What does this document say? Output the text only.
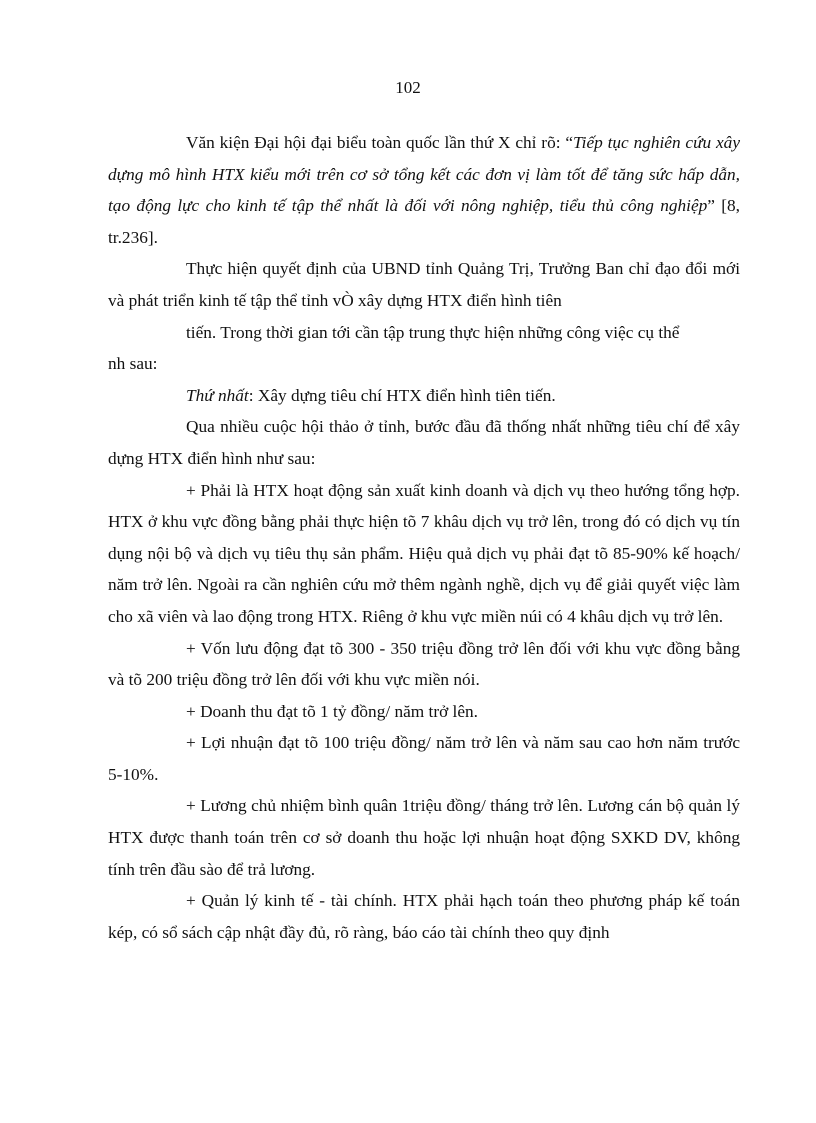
102

Văn kiện Đại hội đại biểu toàn quốc lần thứ X chỉ rõ: “Tiếp tục nghiên cứu xây dựng mô hình HTX kiểu mới trên cơ sở tổng kết các đơn vị làm tốt để tăng sức hấp dẫn, tạo động lực cho kinh tế tập thể nhất là đối với nông nghiệp, tiểu thủ công nghiệp” [8, tr.236].

Thực hiện quyết định của UBND tỉnh Quảng Trị, Trưởng Ban chỉ đạo đổi mới và phát triển kinh tế tập thể tỉnh vÒ xây dựng HTX điển hình tiên

tiến. Trong thời gian tới cần tập trung thực hiện những công việc cụ thể

nh sau:

Thứ nhất: Xây dựng tiêu chí HTX điển hình tiên tiến.

Qua nhiều cuộc hội thảo ở tỉnh, bước đầu đã thống nhất những tiêu chí để xây dựng HTX điển hình như sau:

+ Phải là HTX hoạt động sản xuất kinh doanh và dịch vụ theo hướng tổng hợp. HTX ở khu vực đồng bằng phải thực hiện tõ 7 khâu dịch vụ trở lên, trong đó có dịch vụ tín dụng nội bộ và dịch vụ tiêu thụ sản phẩm. Hiệu quả dịch vụ phải đạt tõ 85-90% kế hoạch/ năm trở lên. Ngoài ra cần nghiên cứu mở thêm ngành nghề, dịch vụ để giải quyết việc làm cho xã viên và lao động trong HTX. Riêng ở khu vực miền núi có 4 khâu dịch vụ trở lên.

+ Vốn lưu động đạt tõ 300 - 350 triệu đồng trở lên đối với khu vực đồng bằng và tõ 200 triệu đồng trở lên đối với khu vực miền nói.

+ Doanh thu đạt tõ 1 tỷ đồng/ năm trở lên.

+ Lợi nhuận đạt tõ 100 triệu đồng/ năm trở lên và năm sau cao hơn năm trước 5-10%.

+ Lương chủ nhiệm bình quân 1triệu đồng/ tháng trở lên. Lương cán bộ quản lý HTX được thanh toán trên cơ sở doanh thu hoặc lợi nhuận hoạt động SXKD DV, không tính trên đầu sào để trả lương.

+ Quản lý kinh tế - tài chính. HTX phải hạch toán theo phương pháp kế toán kép, có sổ sách cập nhật đầy đủ, rõ ràng, báo cáo tài chính theo quy định
